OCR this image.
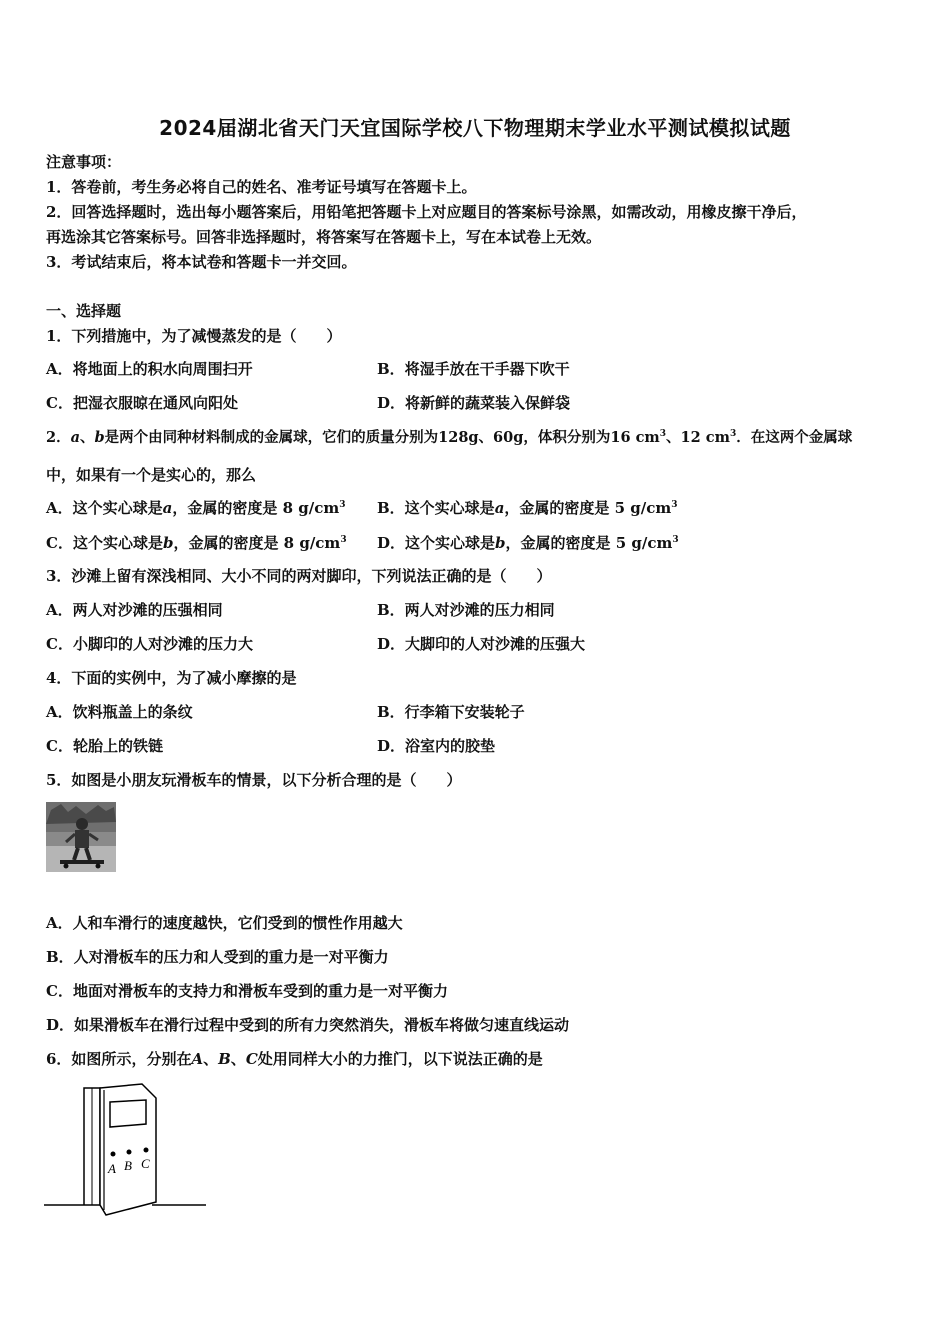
2024届湖北省天门天宜国际学校八下物理期末学业水平测试模拟试题
注意事项：
1．答卷前，考生务必将自己的姓名、准考证号填写在答题卡上。
2．回答选择题时，选出每小题答案后，用铅笔把答题卡上对应题目的答案标号涂黑，如需改动，用橡皮擦干净后，
再选涂其它答案标号。回答非选择题时，将答案写在答题卡上，写在本试卷上无效。
3．考试结束后，将本试卷和答题卡一并交回。
一、选择题
1．下列措施中，为了减慢蒸发的是（　　）
A．将地面上的积水向周围扫开	B．将湿手放在干手器下吹干
C．把湿衣服晾在通风向阳处	D．将新鲜的蔬菜装入保鲜袋
2．a、b是两个由同种材料制成的金属球，它们的质量分别为128g、60g，体积分别为16 $cm^3$、12 $cm^3$．在这两个金属球
中，如果有一个是实心的，那么
A．这个实心球是a，金属的密度是 8 $g/cm^3$ B．这个实心球是a，金属的密度是 5 $g/cm^3$
C．这个实心球是b，金属的密度是 8 $g/cm^3$ D．这个实心球是b，金属的密度是 5 $g/cm^3$
3．沙滩上留有深浅相同、大小不同的两对脚印，下列说法正确的是（　　）
A．两人对沙滩的压强相同	B．两人对沙滩的压力相同
C．小脚印的人对沙滩的压力大	D．大脚印的人对沙滩的压强大
4．下面的实例中，为了减小摩擦的是
A．饮料瓶盖上的条纹	B．行李箱下安装轮子
C．轮胎上的铁链	D．浴室内的胶垫
5．如图是小朋友玩滑板车的情景，以下分析合理的是（　　）
A．人和车滑行的速度越快，它们受到的惯性作用越大
B．人对滑板车的压力和人受到的重力是一对平衡力
C．地面对滑板车的支持力和滑板车受到的重力是一对平衡力
D．如果滑板车在滑行过程中受到的所有力突然消失，滑板车将做匀速直线运动
6．如图所示，分别在A、B、C处用同样大小的力推门，以下说法正确的是
A B C
